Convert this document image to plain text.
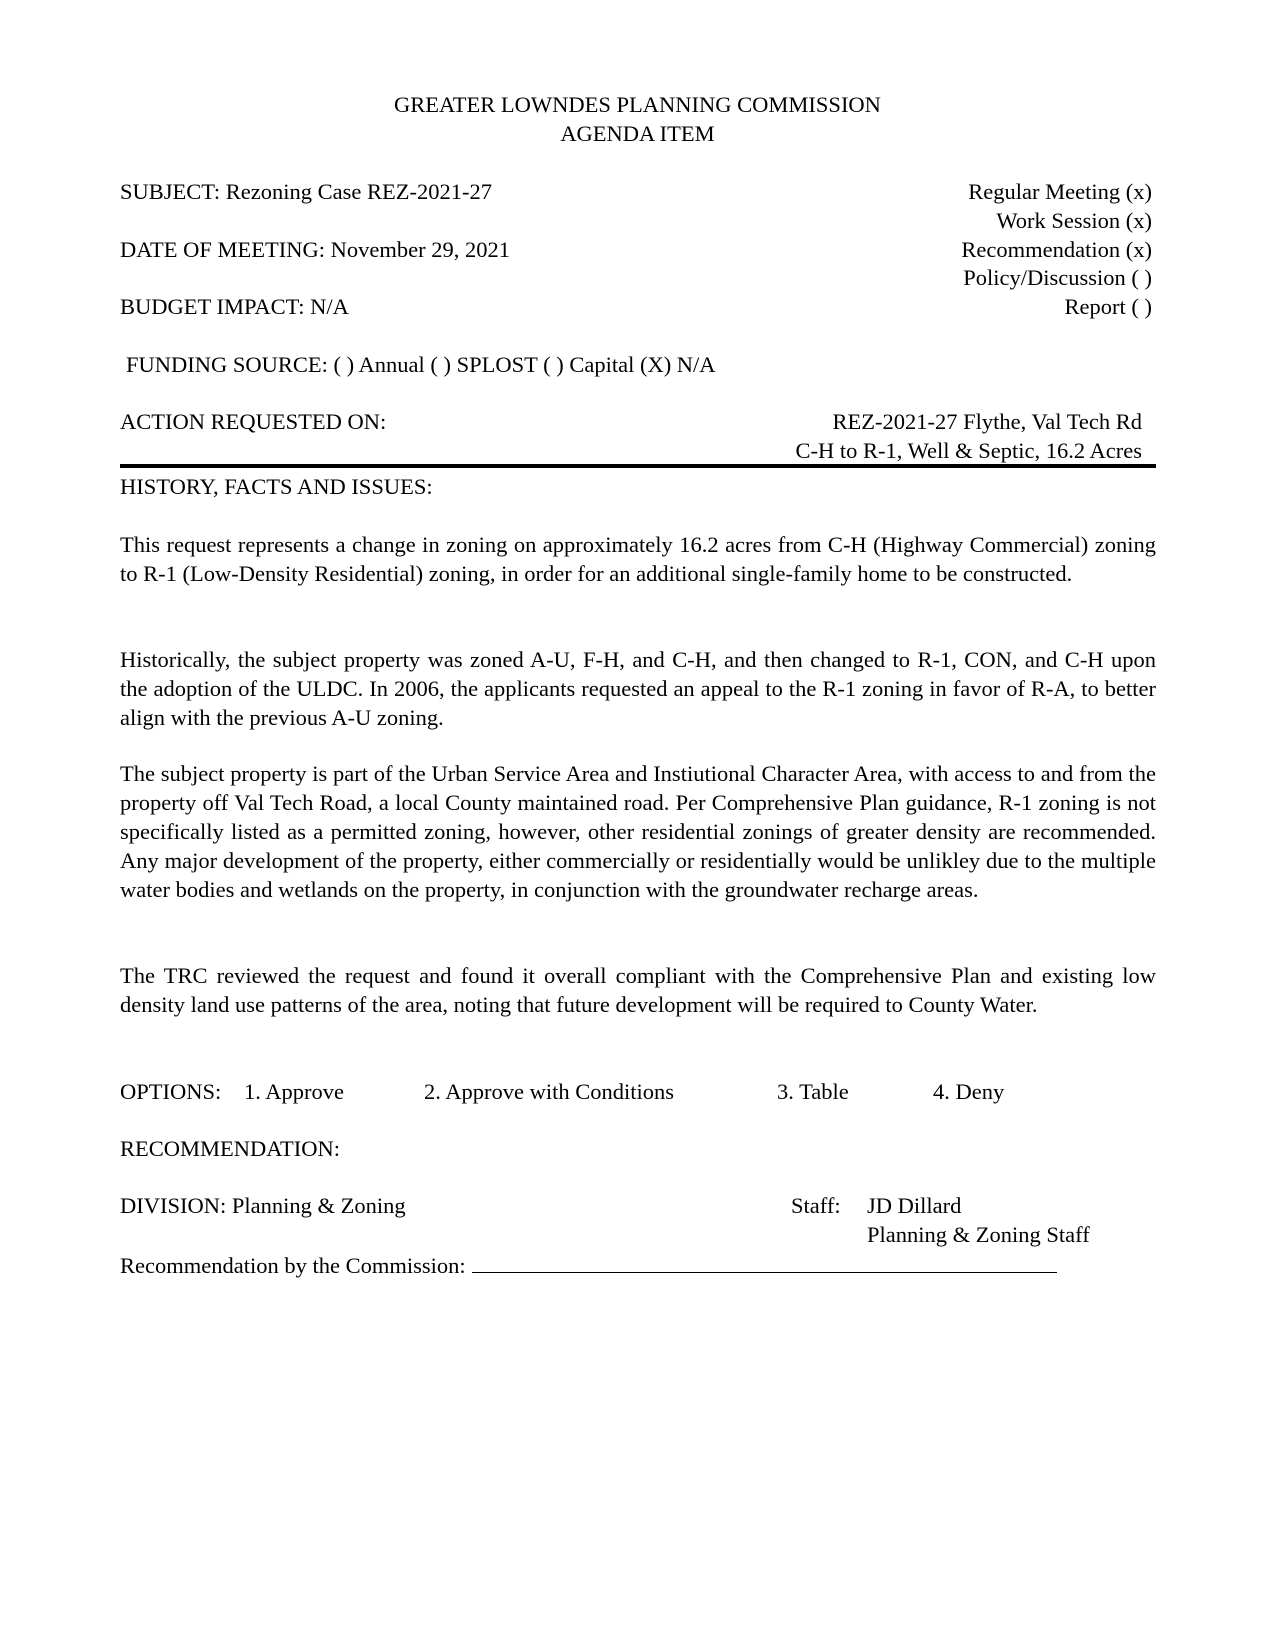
GREATER LOWNDES PLANNING COMMISSION
AGENDA ITEM
SUBJECT: Rezoning Case REZ-2021-27
DATE OF MEETING: November 29, 2021
BUDGET IMPACT: N/A
Regular Meeting (x)
Work Session (x)
Recommendation (x)
Policy/Discussion ( )
Report ( )
FUNDING SOURCE: ( ) Annual ( ) SPLOST ( ) Capital (X) N/A
ACTION REQUESTED ON:	REZ-2021-27 Flythe, Val Tech Rd
C-H to R-1, Well & Septic, 16.2 Acres
HISTORY, FACTS AND ISSUES:
This request represents a change in zoning on approximately 16.2 acres from C-H (Highway Commercial) zoning to R-1 (Low-Density Residential) zoning, in order for an additional single-family home to be constructed.
Historically, the subject property was zoned A-U, F-H, and C-H, and then changed to R-1, CON, and C-H upon the adoption of the ULDC. In 2006, the applicants requested an appeal to the R-1 zoning in favor of R-A, to better align with the previous A-U zoning.
The subject property is part of the Urban Service Area and Instiutional Character Area, with access to and from the property off Val Tech Road, a local County maintained road. Per Comprehensive Plan guidance, R-1 zoning is not specifically listed as a permitted zoning, however, other residential zonings of greater density are recommended. Any major development of the property, either commercially or residentially would be unlikley due to the multiple water bodies and wetlands on the property, in conjunction with the groundwater recharge areas.
The TRC reviewed the request and found it overall compliant with the Comprehensive Plan and existing low density land use patterns of the area, noting that future development will be required to County Water.
OPTIONS: 1. Approve	2. Approve with Conditions	3. Table	4. Deny
RECOMMENDATION:
DIVISION: Planning & Zoning	Staff: JD Dillard
Planning & Zoning Staff
Recommendation by the Commission:
